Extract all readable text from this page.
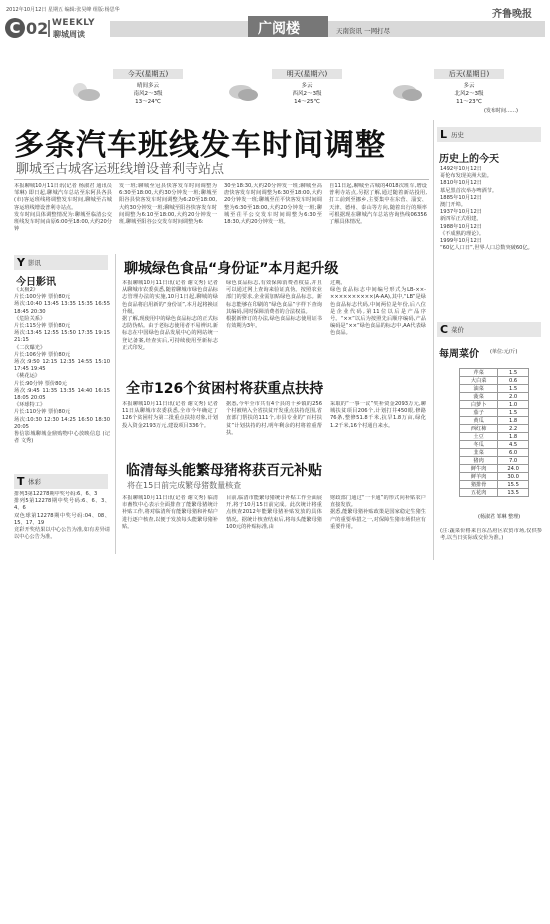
2012年10月12日 星期五 编辑:张昊峰 组版:杨思华	齐鲁晚报
C 02 WEEKLY
聊城周读	广阅楼	天南资讯 一网打尽
今天(星期五)
晴间多云
南风2～3级
13～24℃
明天(星期六)
多云
西风2～3级
14～25℃
后天(星期日)
多云
北风2～3级
11～23℃
(发布时间……)
多条汽车班线发车时间调整
聊城至古城客运班线增设普利寺站点
本报聊城10月11日讯(记者 杨淑君 通讯员 邹琳) 即日起,聊城汽车总站至东阿县各县(市)客运班线将调整发车时间,聊城至古城客运班线增设普利寺站点。
发车时间具体调整情况为:聊城至临清公交班线发车时间由原6:00至18:00,大约20分钟
发一班;聊城至冠县快客发车时间调整为6:30至18:00,大约30分钟发一班;聊城至阳谷县快客发车时间调整为6:20至18:00,大约30分钟发一班;聊城至阳谷快客发车时间调整为6:10至18:00,大约20分钟发一班,聊城至阳谷公交发车时间调整为6:
30至18:30,大约20分钟发一班;聊城至高唐快客发车时间调整为6:30至18:00,大约20分钟发一班;聊城至茌平快客发车时间调整为6:30至18:00,大约20分钟发一班;聊城至茌平公交发车时间调整为6:30至18:30,大约20分钟发一班。
自11日起,聊城至古城的4018次班车,增设普利寺站点,另据了解,通过随着新站投用,打工前到至挪乡,主要集中在东营、淄安、天津、德州、泰山等方向,随着出行的频率可根据现在聊城汽车总站咨询热线06356了解具体情况。
Y 影讯
今日影讯
《太极2》
片长:100分钟 票价80元
场次:10:40 13:45 13:35 15:35 16:55 18:45 20:30
《危险关系》
片长:115分钟 票价80元
场次:13:45 12:55 15:50 17:35 19:15 21:15
《二次曝光》
片长:106分钟 票价80元
场次:9:50 12:15 12:35 14:55 15:10 17:45 19:45
《桃花运》
片长:90分钟 票价80元
场次:9:45 11:35 13:35 14:40 16:15 18:05 20:05
《环球特工》
片长:110分钟 票价80元
场次:10:30 12:30 14:25 16:50 18:30 20:05
鲁信影城聊城金鼎购物中心放映信息 (记者 文秀)
T 体彩
排列3第12278期中奖号码:6、6、3
排列5第12278期中奖号码:6、6、3、4、6
双色球第12278期中奖号码:04、08、15、17、19
竞彩开奖结果以中心公告为准,如有差异请以中心公告为准。
聊城绿色食品“身份证”本月起升级
本报聊城10月11日讯(记者 谢文秀) 记者从聊城市农委获悉,随着聊城市绿色食品标志管理办法的实施,10月1日起,聊城的绿色食品将启用新的“身份证”,本月起将换证升级。
据了解,现使用中的绿色食品标志的正式标志防伪贴。由于老标志使用者不易辨识,新标志在中国绿色食品发展中心的网站统一登记备案,经查实后,可持续使用至新标志正式印发。
绿色食品标志,有效保障消费者权益,并且可以通过网上查询来验证真伪。按照农业部门的要求,企业需加贴绿色食品标志。新标志能够在印刷的“绿色食品”字样下查询其编码,同时保障消费者的合法权益。
根据新修订的办法,绿色食品标志使用证书有效期为3年。
过期。
绿色食品标志中间编号形式为LB-××-××××××××××(A-AA),其中,“LB”是绿色食品标志代码,中间两位是年份,后八位是企业代码,第11位以后是产品序号。“××”以后为按照先后顺序编码,产品编码是“××”绿色食品的标志中,AA代表绿色食品。
全市126个贫困村将获重点扶持
本报聊城10月11日讯(记者 谢文秀) 记者11日从聊城市农委获悉,全市今年确定了126个贫困村为第二批重点扶持对象,计划投入资金2193万元,建设项目336个。
据悉,今年全市共有4个县的十乡镇的256个村被纳入全省扶贫开发重点扶持范围,省直部门帮扶的111个,市县专业的“百村扶贫”计划扶持的村,明年剩余的村将着重帮扶。
采取的“一事一议”奖补资金2093万元,聊城扶贫项目206个,计划打井450眼,修路76条,整修51.8千米,抗旱1.8万亩,绿化1.2千米,16个村通自来水。
临清每头能繁母猪将获百元补贴
将在15日前完成繁母猪数量核查
本报聊城10月11日讯(记者 谢文秀) 临清市畜牧中心表示全面排查了能繁母猪统计补贴工作,将对临清所有能繁母猪和补贴户进行逐户核查,以便于发放每头能繁母猪补贴。
目前,临清市能繁母猪统计补贴工作全面展开,将于10月15日前完成。此次统计将重点核查2012年能繁母猪补贴发放的具体情况。据统计核查结束后,将每头能繁母猪100元的补贴标准,由
财政部门通过“一卡通”的形式向补贴农户直接发放。
据悉,能繁母猪补贴政策是国家稳定生猪生产的重要举措之一,对保障生猪市场供应有重要作用。
L 历史
历史上的今天
1492年10月12日
哥伦布发现美洲大陆。
1810年10月12日
慕尼黑首次举办啤酒节。
1885年10月12日
澳门开埠。
1937年10月12日
新四军正式组建。
1988年10月12日
《不成熟的理论》。
1999年10月12日
“60亿人口日”,世界人口总数突破60亿。
C 菜价
每周菜价 (单位:元/斤)
芹菜	1.5
大白菜	0.6
油菜	1.5
菠菜	2.0
白萝卜	1.0
茄子	1.5
黄瓜	1.8
西红柿	2.2
土豆	1.8
冬瓜	4.5
韭菜	6.0
猪肉	7.0
鲜牛肉	24.0
鲜羊肉	30.0
猪排骨	15.5
五花肉	13.5
(杨淑君 邹琳 整理)
(注:蔬菜价格来自东昌府区农贸市场,仅供参考,以当日实际成交价为准。)
